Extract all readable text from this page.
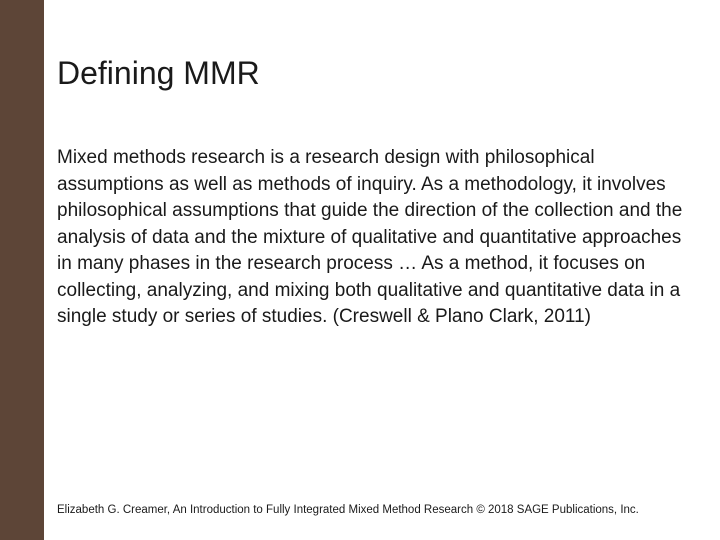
Defining MMR

Mixed methods research is a research design with philosophical assumptions as well as methods of inquiry. As a methodology, it involves philosophical assumptions that guide the direction of the collection and the analysis of data and the mixture of qualitative and quantitative approaches in many phases in the research process … As a method, it focuses on collecting, analyzing, and mixing both qualitative and quantitative data in a single study or series of studies. (Creswell & Plano Clark, 2011)

Elizabeth G. Creamer, An Introduction to Fully Integrated Mixed Method Research © 2018 SAGE Publications, Inc.
